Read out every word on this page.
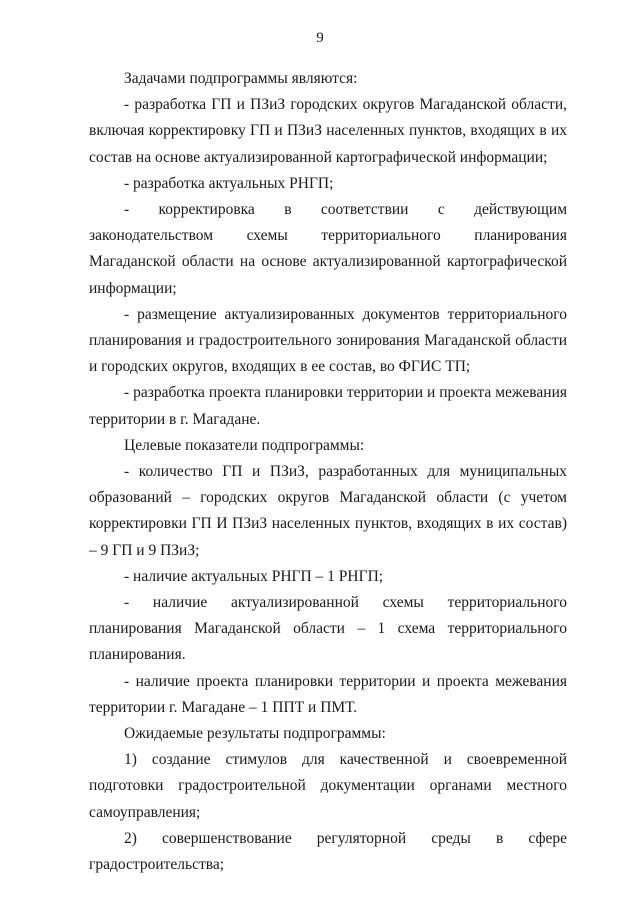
9

Задачами подпрограммы являются:

- разработка ГП и ПЗиЗ городских округов Магаданской области, включая корректировку ГП и ПЗиЗ населенных пунктов, входящих в их состав на основе актуализированной картографической информации;

- разработка актуальных РНГП;

- корректировка в соответствии с действующим законодательством схемы территориального планирования Магаданской области на основе актуализированной картографической информации;

- размещение актуализированных документов территориального планирования и градостроительного зонирования Магаданской области и городских округов, входящих в ее состав, во ФГИС ТП;

- разработка проекта планировки территории и проекта межевания территории в г. Магадане.

Целевые показатели подпрограммы:

- количество ГП и ПЗиЗ, разработанных для муниципальных образований – городских округов Магаданской области (с учетом корректировки ГП И ПЗиЗ населенных пунктов, входящих в их состав) – 9 ГП и 9 ПЗиЗ;

- наличие актуальных РНГП – 1 РНГП;

- наличие актуализированной схемы территориального планирования Магаданской области – 1 схема территориального планирования.

- наличие проекта планировки территории и проекта межевания территории г. Магадане – 1 ППТ и ПМТ.

Ожидаемые результаты подпрограммы:

1) создание стимулов для качественной и своевременной подготовки градостроительной документации органами местного самоуправления;

2) совершенствование регуляторной среды в сфере градостроительства;
